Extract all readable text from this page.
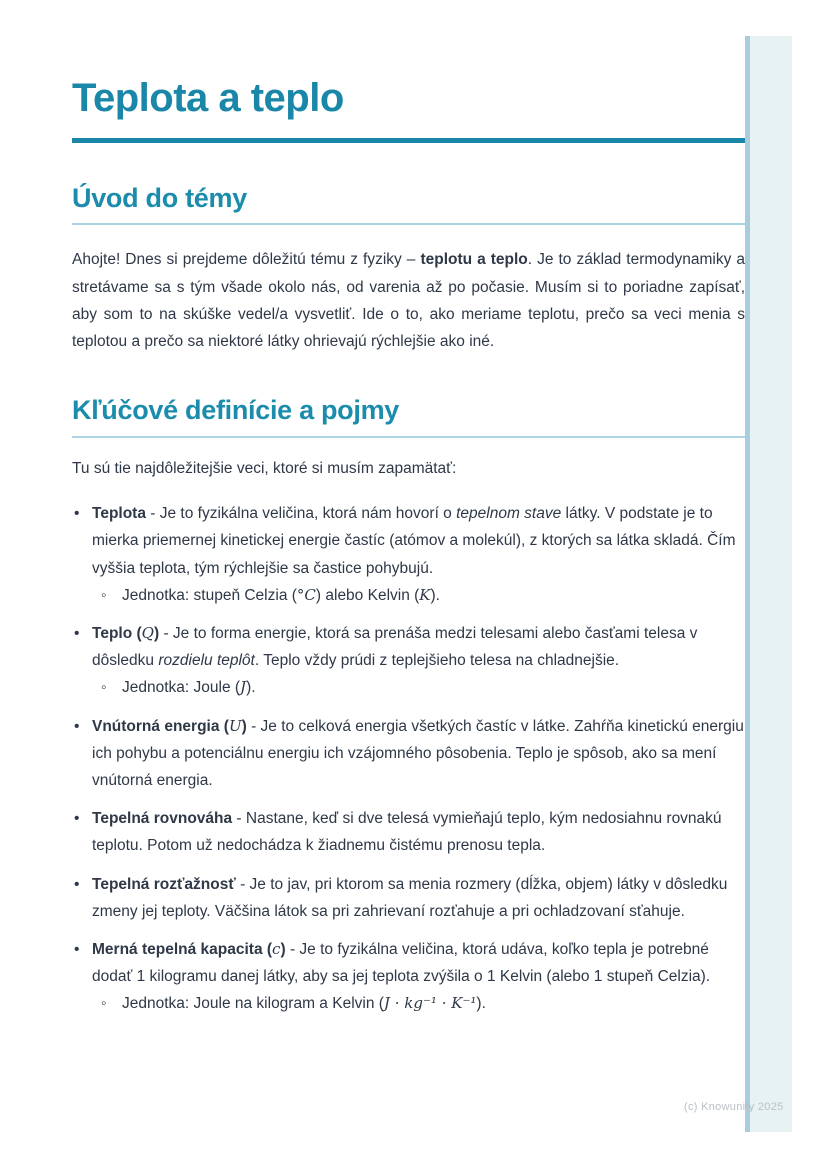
(c) Knowunity 2025
Teplota a teplo
Úvod do témy

Ahojte! Dnes si prejdeme dôležitú tému z fyziky – teplotu a teplo. Je to základ termodynamiky a stretávame sa s tým všade okolo nás, od varenia až po počasie. Musím si to poriadne zapísať, aby som to na skúške vedel/a vysvetliť. Ide o to, ako meriame teplotu, prečo sa veci menia s teplotou a prečo sa niektoré látky ohrievajú rýchlejšie ako iné.

Kľúčové definície a pojmy

Tu sú tie najdôležitejšie veci, ktoré si musím zapamätať:

• Teplota - Je to fyzikálna veličina, ktorá nám hovorí o tepelnom stave látky. V podstate je to mierka priemernej kinetickej energie častíc (atómov a molekúl), z ktorých sa látka skladá. Čím vyššia teplota, tým rýchlejšie sa častice pohybujú.
◦ Jednotka: stupeň Celzia (°C) alebo Kelvin (K).
• Teplo (Q) - Je to forma energie, ktorá sa prenáša medzi telesami alebo časťami telesa v dôsledku rozdielu teplôt. Teplo vždy prúdi z teplejšieho telesa na chladnejšie.
◦ Jednotka: Joule (J).
• Vnútorná energia (U) - Je to celková energia všetkých častíc v látke. Zahŕňa kinetickú energiu ich pohybu a potenciálnu energiu ich vzájomného pôsobenia. Teplo je spôsob, ako sa mení vnútorná energia.
• Tepelná rovnováha - Nastane, keď si dve telesá vymieňajú teplo, kým nedosiahnu rovnakú teplotu. Potom už nedochádza k žiadnemu čistému prenosu tepla.
• Tepelná rozťažnosť - Je to jav, pri ktorom sa menia rozmery (dĺžka, objem) látky v dôsledku zmeny jej teploty. Väčšina látok sa pri zahrievaní rozťahuje a pri ochladzovaní sťahuje.
• Merná tepelná kapacita (c) - Je to fyzikálna veličina, ktorá udáva, koľko tepla je potrebné dodať 1 kilogramu danej látky, aby sa jej teplota zvýšila o 1 Kelvin (alebo 1 stupeň Celzia).
◦ Jednotka: Joule na kilogram a Kelvin (J · kg⁻¹ · K⁻¹).
